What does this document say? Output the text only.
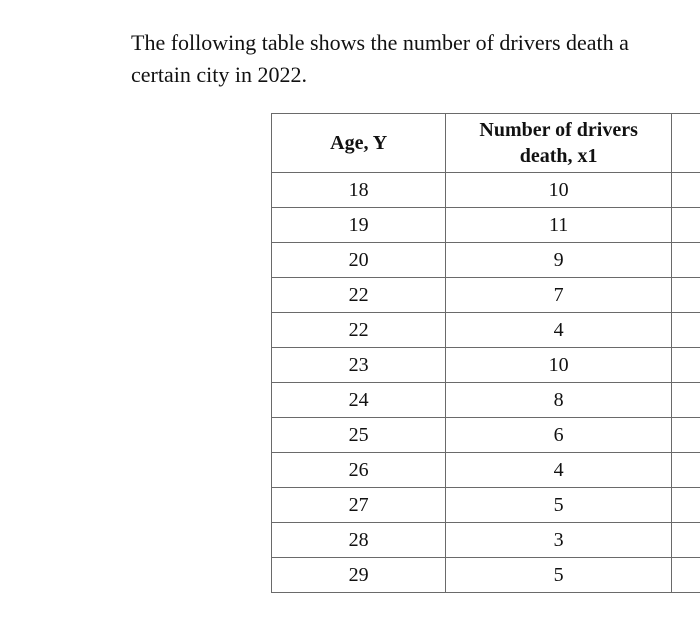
The following table shows the number of drivers death a
certain city in 2022.
Age, Y	Number of drivers
death, x1	
18	10	
19	11	
20	9	
22	7	
22	4	
23	10	
24	8	
25	6	
26	4	
27	5	
28	3	
29	5	
